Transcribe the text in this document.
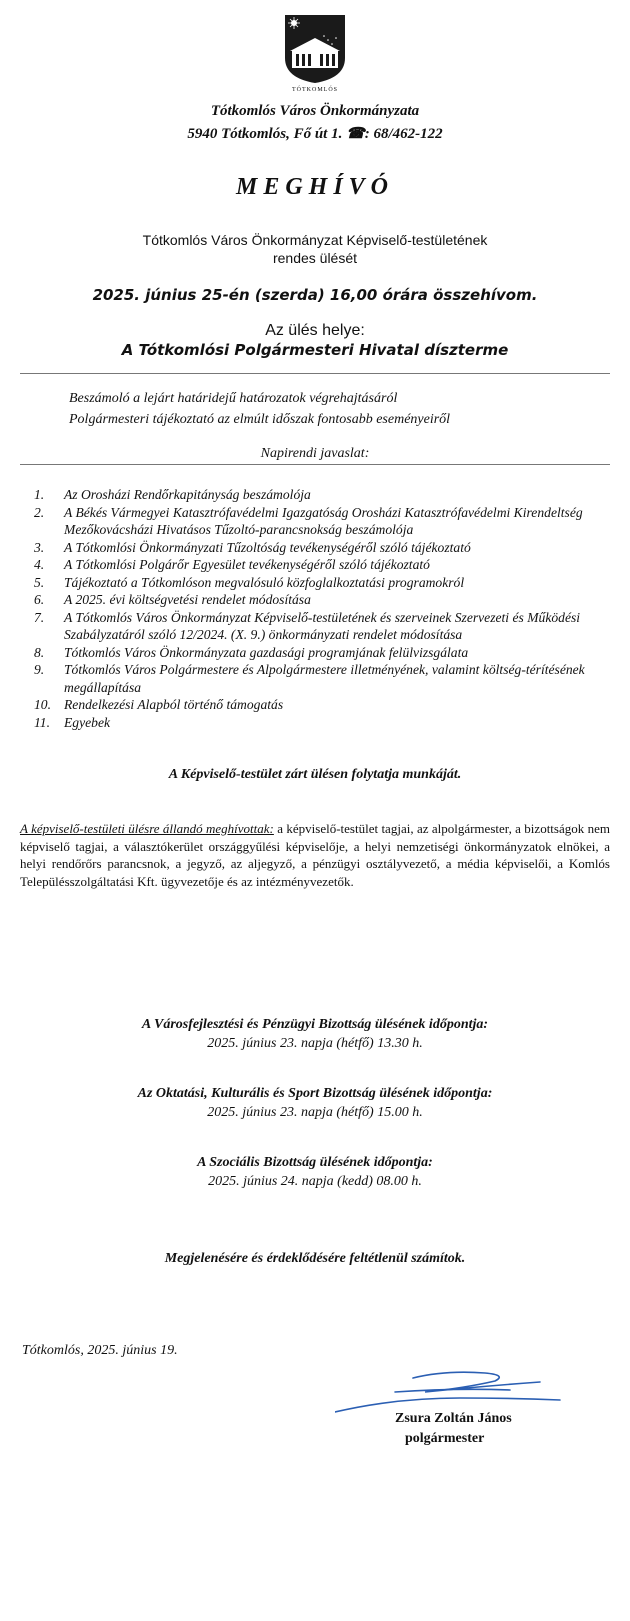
TÓTKOMLÓS
Tótkomlós Város Önkormányzata
5940 Tótkomlós, Fő út 1. ☎: 68/462-122
MEGHÍVÓ
Tótkomlós Város Önkormányzat Képviselő-testületének
rendes ülését
2025. június 25-én (szerda) 16,00 órára összehívom.
Az ülés helye:
A Tótkomlósi Polgármesteri Hivatal díszterme
Beszámoló a lejárt határidejű határozatok végrehajtásáról
Polgármesteri tájékoztató az elmúlt időszak fontosabb eseményeiről
Napirendi javaslat:
1.	Az Orosházi Rendőrkapitányság beszámolója
2.	A Békés Vármegyei Katasztrófavédelmi Igazgatóság Orosházi Katasztrófavédelmi Kirendeltség Mezőkovácsházi Hivatásos Tűzoltó-parancsnokság beszámolója
3.	A Tótkomlósi Önkormányzati Tűzoltóság tevékenységéről szóló tájékoztató
4.	A Tótkomlósi Polgárőr Egyesület tevékenységéről szóló tájékoztató
5.	Tájékoztató a Tótkomlóson megvalósuló közfoglalkoztatási programokról
6.	A 2025. évi költségvetési rendelet módosítása
7.	A Tótkomlós Város Önkormányzat Képviselő-testületének és szerveinek Szervezeti és Működési Szabályzatáról szóló 12/2024. (X. 9.) önkormányzati rendelet módosítása
8.	Tótkomlós Város Önkormányzata gazdasági programjának felülvizsgálata
9.	Tótkomlós Város Polgármestere és Alpolgármestere illetményének, valamint költség-térítésének megállapítása
10. Rendelkezési Alapból történő támogatás
11.	Egyebek
A Képviselő-testület zárt ülésen folytatja munkáját.
A képviselő-testületi ülésre állandó meghívottak: a képviselő-testület tagjai, az alpolgármester, a bizottságok nem képviselő tagjai, a választókerület országgyűlési képviselője, a helyi nemzetiségi önkormányzatok elnökei, a helyi rendőrőrs parancsnok, a jegyző, az aljegyző, a pénzügyi osztályvezető, a média képviselői, a Komlós Településszolgáltatási Kft. ügyvezetője és az intézményvezetők.
A Városfejlesztési és Pénzügyi Bizottság ülésének időpontja:
2025. június 23. napja (hétfő) 13.30 h.
Az Oktatási, Kulturális és Sport Bizottság ülésének időpontja:
2025. június 23. napja (hétfő) 15.00 h.
A Szociális Bizottság ülésének időpontja:
2025. június 24. napja (kedd) 08.00 h.
Megjelenésére és érdeklődésére feltétlenül számítok.
Tótkomlós, 2025. június 19.
Zsura Zoltán János
polgármester
